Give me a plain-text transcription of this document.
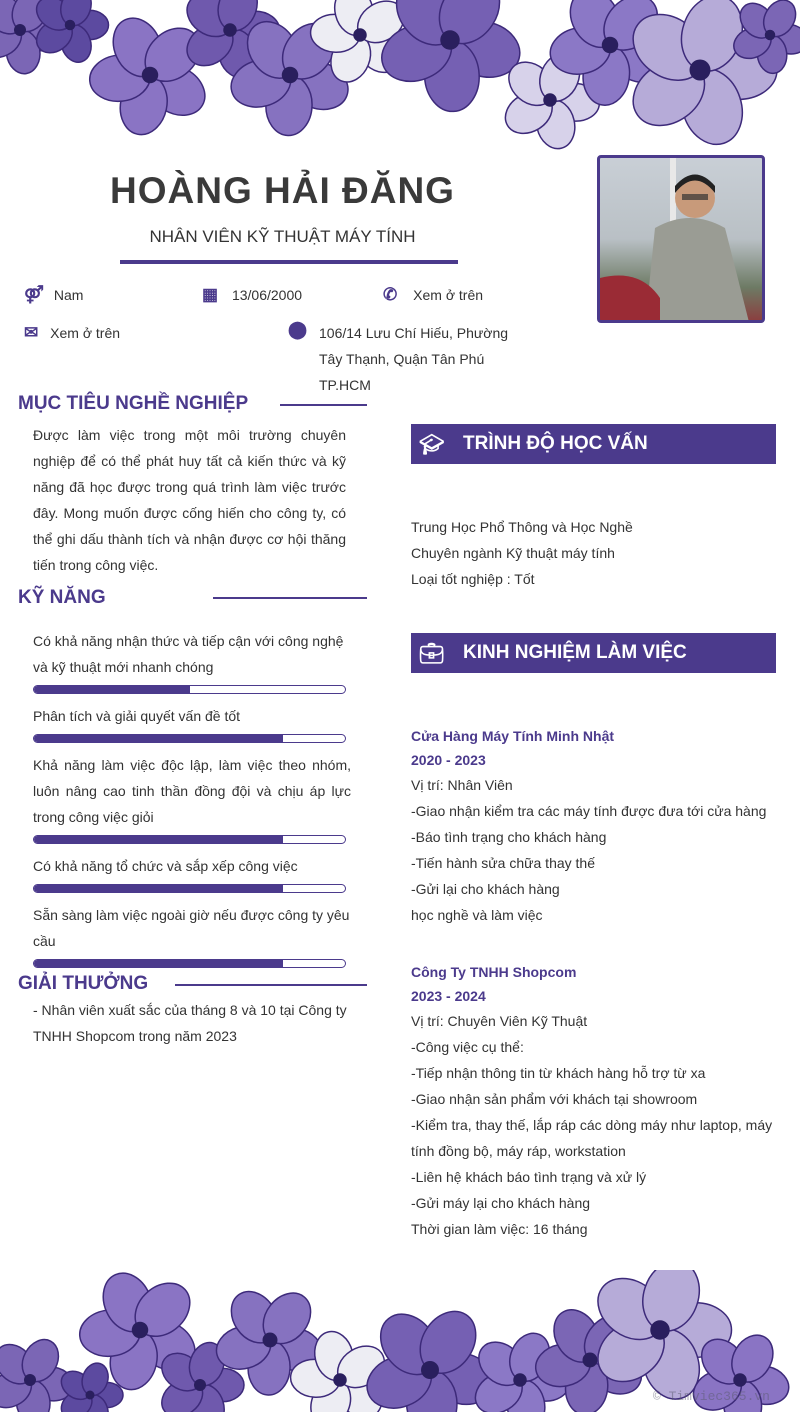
HOÀNG HẢI ĐĂNG
NHÂN VIÊN KỸ THUẬT MÁY TÍNH
⚤ Nam	▦ 13/06/2000	✆ Xem ở trên
✉ Xem ở trên	⬤ 106/14 Lưu Chí Hiếu, Phường
Tây Thạnh, Quận Tân Phú
TP.HCM
MỤC TIÊU NGHỀ NGHIỆP
Được làm việc trong một môi trường chuyên nghiệp để có thể phát huy tất cả kiến thức và kỹ năng đã học được trong quá trình làm việc trước đây. Mong muốn được cống hiến cho công ty, có thể ghi dấu thành tích và nhận được cơ hội thăng tiến trong công việc.
KỸ NĂNG
Có khả năng nhận thức và tiếp cận với công nghệ và kỹ thuật mới nhanh chóng
Phân tích và giải quyết vấn đề tốt
Khả năng làm việc độc lập, làm việc theo nhóm, luôn nâng cao tinh thần đồng đội và chịu áp lực trong công việc giỏi
Có khả năng tổ chức và sắp xếp công việc
Sẵn sàng làm việc ngoài giờ nếu được công ty yêu cầu
GIẢI THƯỞNG
- Nhân viên xuất sắc của tháng 8 và 10 tại Công ty TNHH Shopcom trong năm 2023
🎓︎ TRÌNH ĐỘ HỌC VẤN
Trung Học Phổ Thông và Học Nghề
Chuyên ngành Kỹ thuật máy tính
Loại tốt nghiệp : Tốt
💼︎ KINH NGHIỆM LÀM VIỆC
Cửa Hàng Máy Tính Minh Nhật
2020 - 2023
Vị trí: Nhân Viên
-Giao nhận kiểm tra các máy tính được đưa tới cửa hàng
-Báo tình trạng cho khách hàng
-Tiến hành sửa chữa thay thế
-Gửi lại cho khách hàng
học nghề và làm việc
Công Ty TNHH Shopcom
2023 - 2024
Vị trí: Chuyên Viên Kỹ Thuật
-Công việc cụ thể:
-Tiếp nhận thông tin từ khách hàng hỗ trợ từ xa
-Giao nhận sản phẩm với khách tại showroom
-Kiểm tra, thay thế, lắp ráp các dòng máy như laptop, máy tính đồng bộ, máy ráp, workstation
-Liên hệ khách báo tình trạng và xử lý
-Gửi máy lại cho khách hàng
Thời gian làm việc: 16 tháng
© Timviec365.vn
